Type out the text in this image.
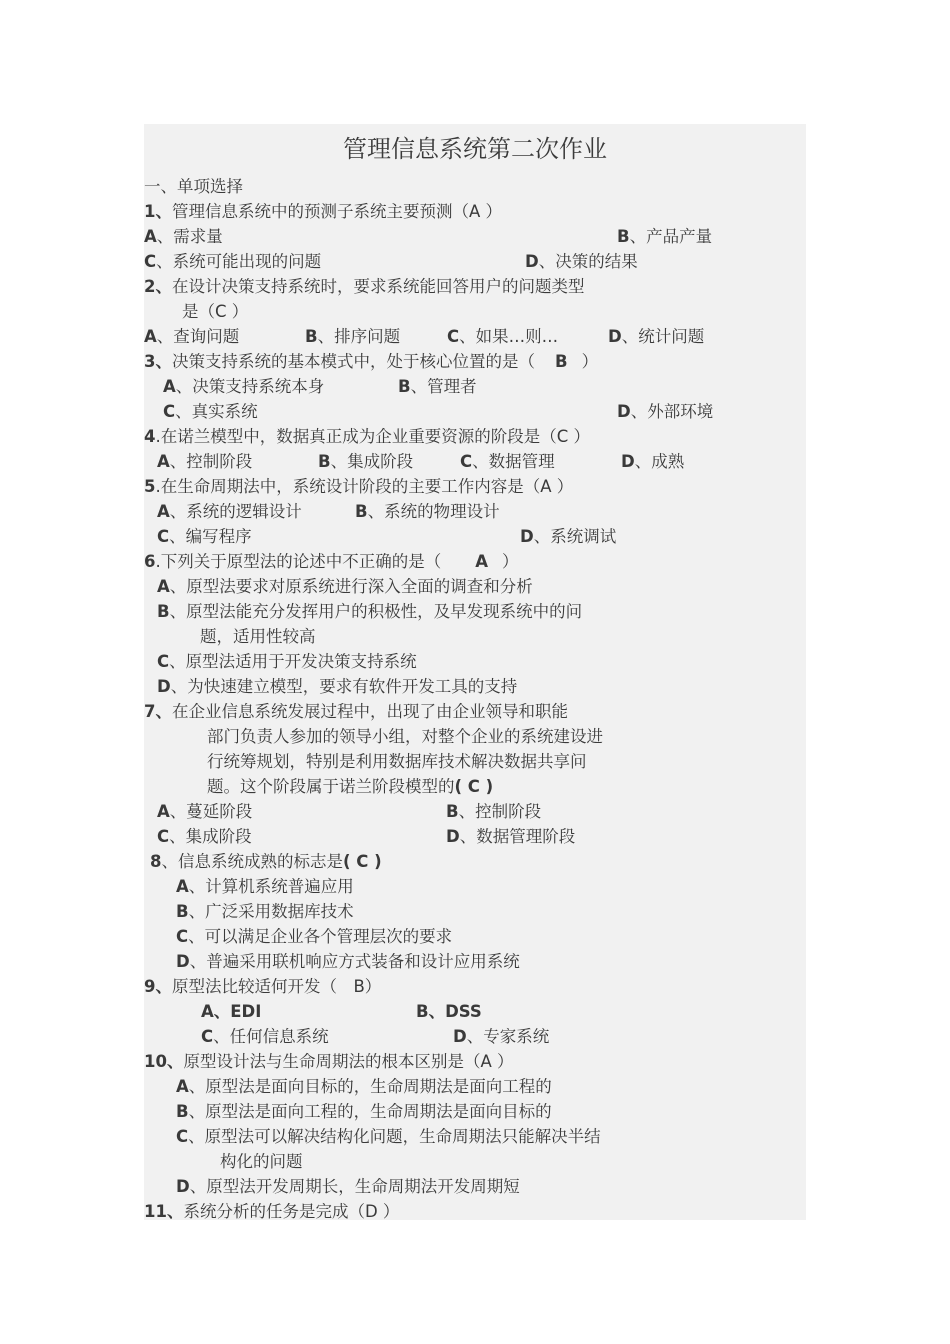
管理信息系统第二次作业
一、单项选择
1、管理信息系统中的预测子系统主要预测（A ）
A、需求量	B、产品产量
C、系统可能出现的问题	D、决策的结果
2、在设计决策支持系统时，要求系统能回答用户的问题类型
是（C ）
A、查询问题	B、排序问题	C、如果…则…	D、统计问题
3、决策支持系统的基本模式中，处于核心位置的是（ B ）
A、决策支持系统本身	B、管理者
C、真实系统	D、外部环境
4.在诺兰模型中，数据真正成为企业重要资源的阶段是（C ）
A、控制阶段	B、集成阶段	C、数据管理	D、成熟
5.在生命周期法中，系统设计阶段的主要工作内容是（A ）
A、系统的逻辑设计	B、系统的物理设计
C、编写程序	D、系统调试
6.下列关于原型法的论述中不正确的是（ A ）
A、原型法要求对原系统进行深入全面的调查和分析
B、原型法能充分发挥用户的积极性，及早发现系统中的问
题，适用性较高
C、原型法适用于开发决策支持系统
D、为快速建立模型，要求有软件开发工具的支持
7、在企业信息系统发展过程中，出现了由企业领导和职能
部门负责人参加的领导小组，对整个企业的系统建设进
行统筹规划，特别是利用数据库技术解决数据共享问
题。这个阶段属于诺兰阶段模型的( C )
A、蔓延阶段	B、控制阶段
C、集成阶段	D、数据管理阶段
8、信息系统成熟的标志是( C )
A、计算机系统普遍应用
B、广泛采用数据库技术
C、可以满足企业各个管理层次的要求
D、普遍采用联机响应方式装备和设计应用系统
9、原型法比较适何开发（　B）
A、EDI	B、DSS
C、任何信息系统	D、专家系统
10、原型设计法与生命周期法的根本区别是（A ）
A、原型法是面向目标的，生命周期法是面向工程的
B、原型法是面向工程的，生命周期法是面向目标的
C、原型法可以解决结构化问题，生命周期法只能解决半结
构化的问题
D、原型法开发周期长，生命周期法开发周期短
11、系统分析的任务是完成（D ）
